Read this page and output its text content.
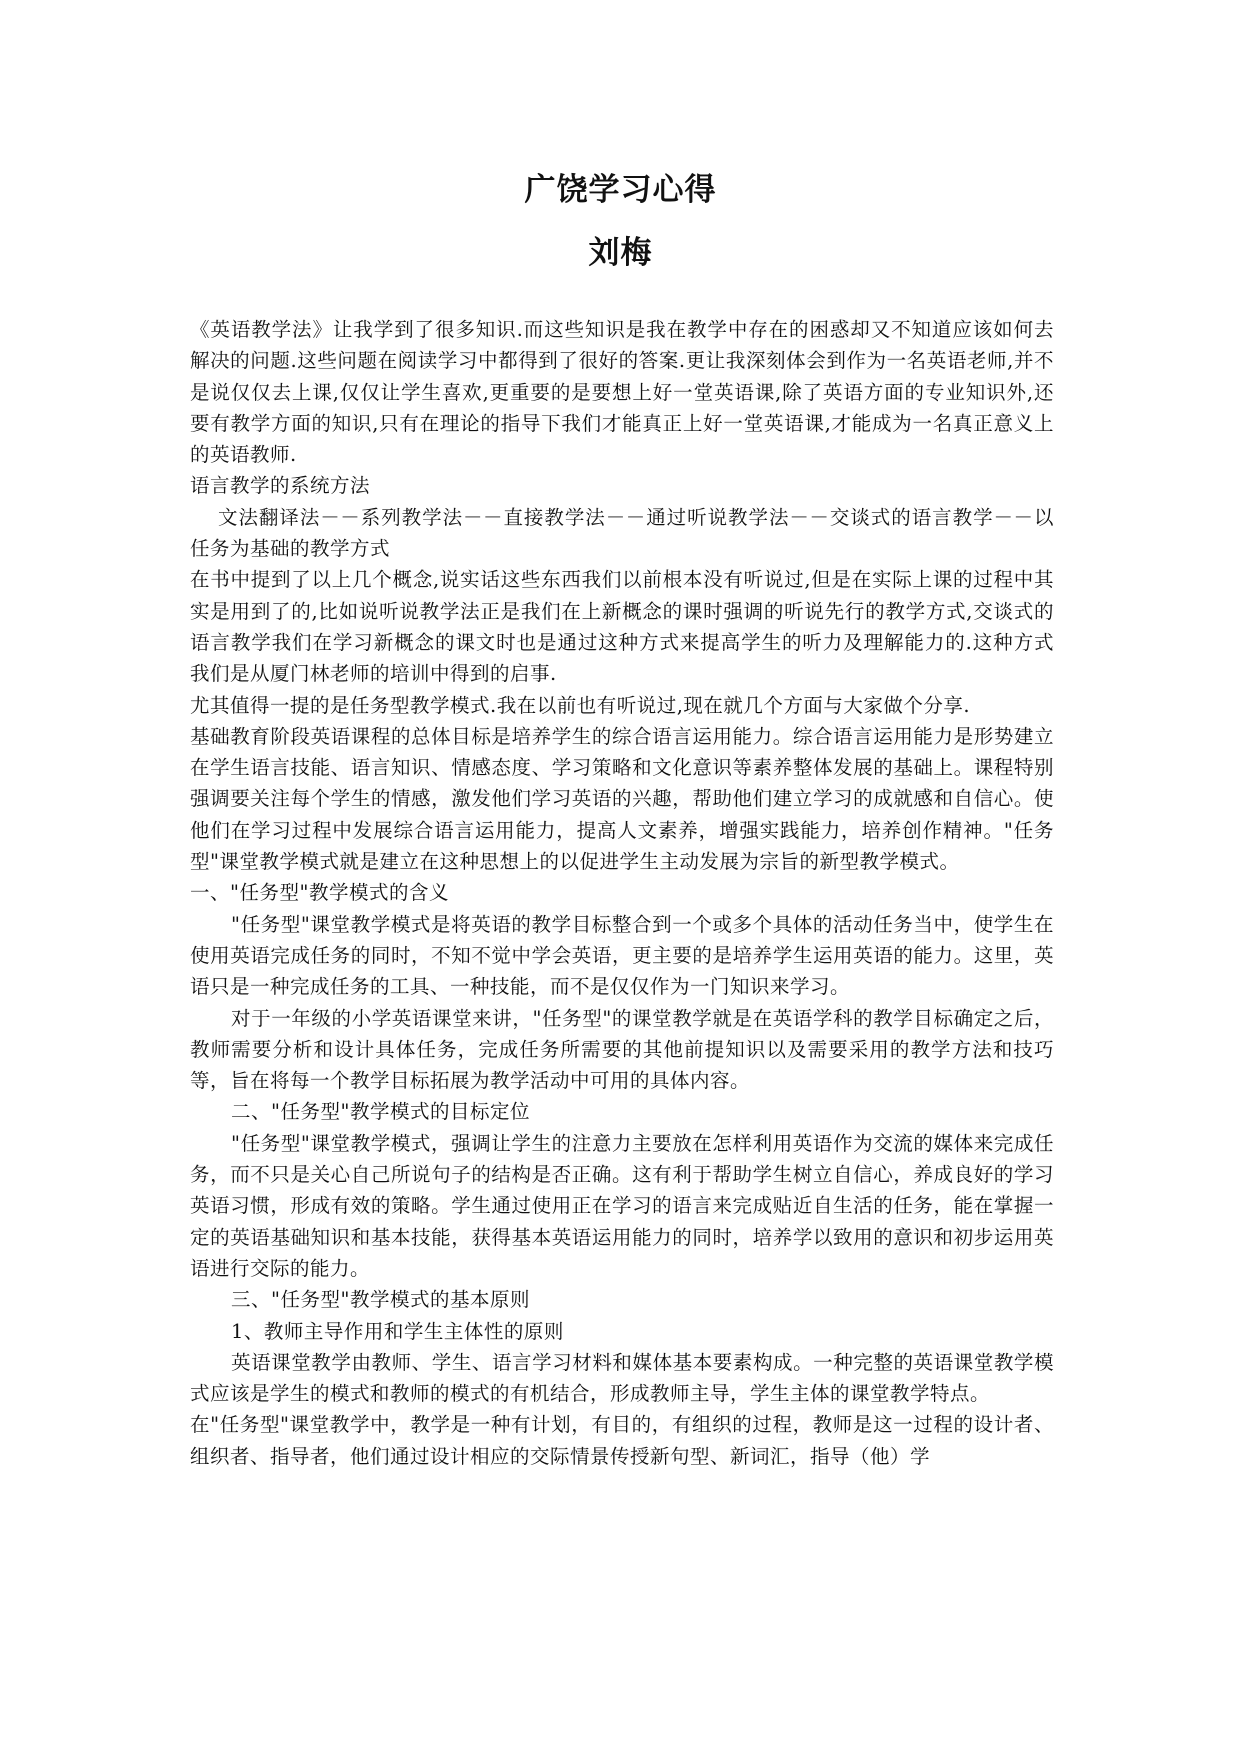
广饶学习心得
刘梅

《英语教学法》让我学到了很多知识.而这些知识是我在教学中存在的困惑却又不知道应该如何去解决的问题.这些问题在阅读学习中都得到了很好的答案.更让我深刻体会到作为一名英语老师,并不是说仅仅去上课,仅仅让学生喜欢,更重要的是要想上好一堂英语课,除了英语方面的专业知识外,还要有教学方面的知识,只有在理论的指导下我们才能真正上好一堂英语课,才能成为一名真正意义上的英语教师.

语言教学的系统方法

文法翻译法－－系列教学法－－直接教学法－－通过听说教学法－－交谈式的语言教学－－以任务为基础的教学方式

在书中提到了以上几个概念,说实话这些东西我们以前根本没有听说过,但是在实际上课的过程中其实是用到了的,比如说听说教学法正是我们在上新概念的课时强调的听说先行的教学方式,交谈式的语言教学我们在学习新概念的课文时也是通过这种方式来提高学生的听力及理解能力的.这种方式我们是从厦门林老师的培训中得到的启事.

尤其值得一提的是任务型教学模式.我在以前也有听说过,现在就几个方面与大家做个分享.

基础教育阶段英语课程的总体目标是培养学生的综合语言运用能力。综合语言运用能力是形势建立在学生语言技能、语言知识、情感态度、学习策略和文化意识等素养整体发展的基础上。课程特别强调要关注每个学生的情感，激发他们学习英语的兴趣，帮助他们建立学习的成就感和自信心。使他们在学习过程中发展综合语言运用能力，提高人文素养，增强实践能力，培养创作精神。"任务型"课堂教学模式就是建立在这种思想上的以促进学生主动发展为宗旨的新型教学模式。

一、"任务型"教学模式的含义

"任务型"课堂教学模式是将英语的教学目标整合到一个或多个具体的活动任务当中，使学生在使用英语完成任务的同时，不知不觉中学会英语，更主要的是培养学生运用英语的能力。这里，英语只是一种完成任务的工具、一种技能，而不是仅仅作为一门知识来学习。

对于一年级的小学英语课堂来讲，"任务型"的课堂教学就是在英语学科的教学目标确定之后，教师需要分析和设计具体任务，完成任务所需要的其他前提知识以及需要采用的教学方法和技巧等，旨在将每一个教学目标拓展为教学活动中可用的具体内容。

二、"任务型"教学模式的目标定位

"任务型"课堂教学模式，强调让学生的注意力主要放在怎样利用英语作为交流的媒体来完成任务，而不只是关心自己所说句子的结构是否正确。这有利于帮助学生树立自信心，养成良好的学习英语习惯，形成有效的策略。学生通过使用正在学习的语言来完成贴近自生活的任务，能在掌握一定的英语基础知识和基本技能，获得基本英语运用能力的同时，培养学以致用的意识和初步运用英语进行交际的能力。

三、"任务型"教学模式的基本原则

1、教师主导作用和学生主体性的原则

英语课堂教学由教师、学生、语言学习材料和媒体基本要素构成。一种完整的英语课堂教学模式应该是学生的模式和教师的模式的有机结合，形成教师主导，学生主体的课堂教学特点。

在"任务型"课堂教学中，教学是一种有计划，有目的，有组织的过程，教师是这一过程的设计者、组织者、指导者，他们通过设计相应的交际情景传授新句型、新词汇，指导（他）学
